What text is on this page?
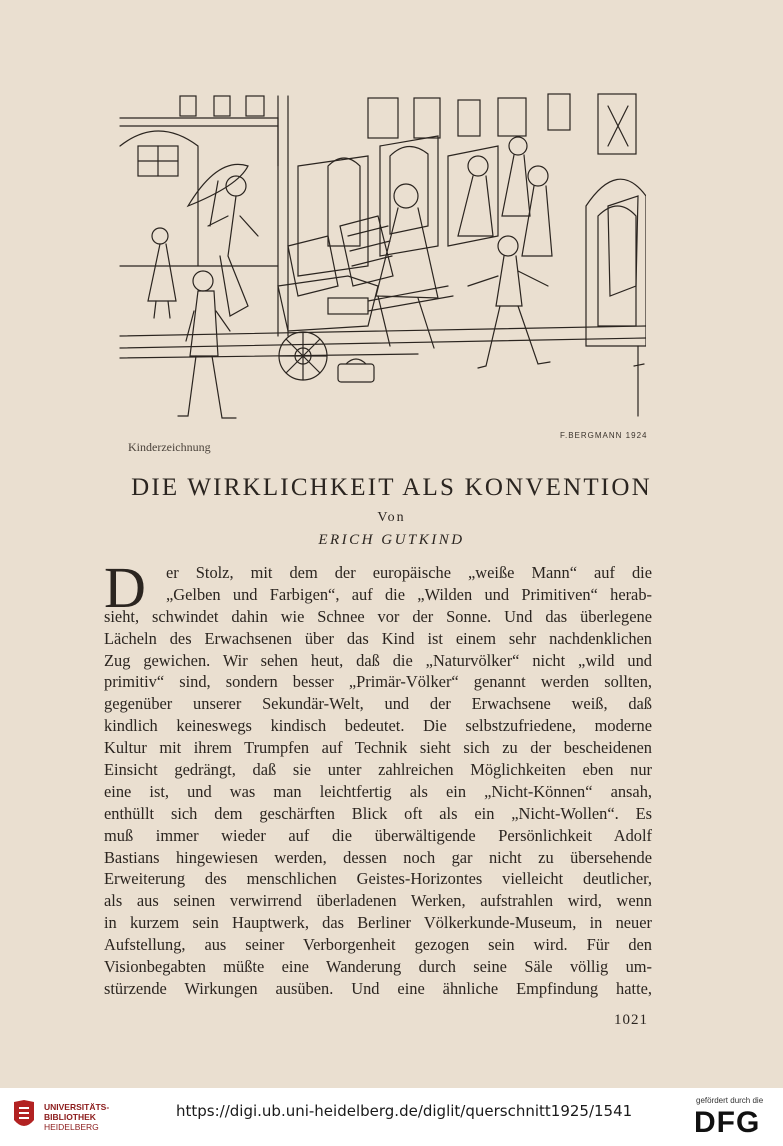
F.BERGMANN 1924
Kinderzeichnung
DIE WIRKLICHKEIT ALS KONVENTION
Von
ERICH GUTKIND
D	er Stolz, mit dem der europäische „weiße Mann“ auf die
„Gelben und Farbigen“, auf die „Wilden und Primitiven“ herab-
sieht, schwindet dahin wie Schnee vor der Sonne. Und das überlegene
Lächeln des Erwachsenen über das Kind ist einem sehr nachdenklichen
Zug gewichen. Wir sehen heut, daß die „Naturvölker“ nicht „wild und
primitiv“ sind, sondern besser „Primär-Völker“ genannt werden sollten,
gegenüber unserer Sekundär-Welt, und der Erwachsene weiß, daß
kindlich keineswegs kindisch bedeutet. Die selbstzufriedene, moderne
Kultur mit ihrem Trumpfen auf Technik sieht sich zu der bescheidenen
Einsicht gedrängt, daß sie unter zahlreichen Möglichkeiten eben nur
eine ist, und was man leichtfertig als ein „Nicht-Können“ ansah,
enthüllt sich dem geschärften Blick oft als ein „Nicht-Wollen“. Es
muß immer wieder auf die überwältigende Persönlichkeit Adolf
Bastians hingewiesen werden, dessen noch gar nicht zu übersehende
Erweiterung des menschlichen Geistes-Horizontes vielleicht deutlicher,
als aus seinen verwirrend überladenen Werken, aufstrahlen wird, wenn
in kurzem sein Hauptwerk, das Berliner Völkerkunde-Museum, in neuer
Aufstellung, aus seiner Verborgenheit gezogen sein wird. Für den
Visionbegabten müßte eine Wanderung durch seine Säle völlig um-
stürzende Wirkungen ausüben. Und eine ähnliche Empfindung hatte,
1021
UNIVERSITÄTS-
BIBLIOTHEK
HEIDELBERG
https://digi.ub.uni-heidelberg.de/diglit/querschnitt1925/1541
gefördert durch die
DFG
